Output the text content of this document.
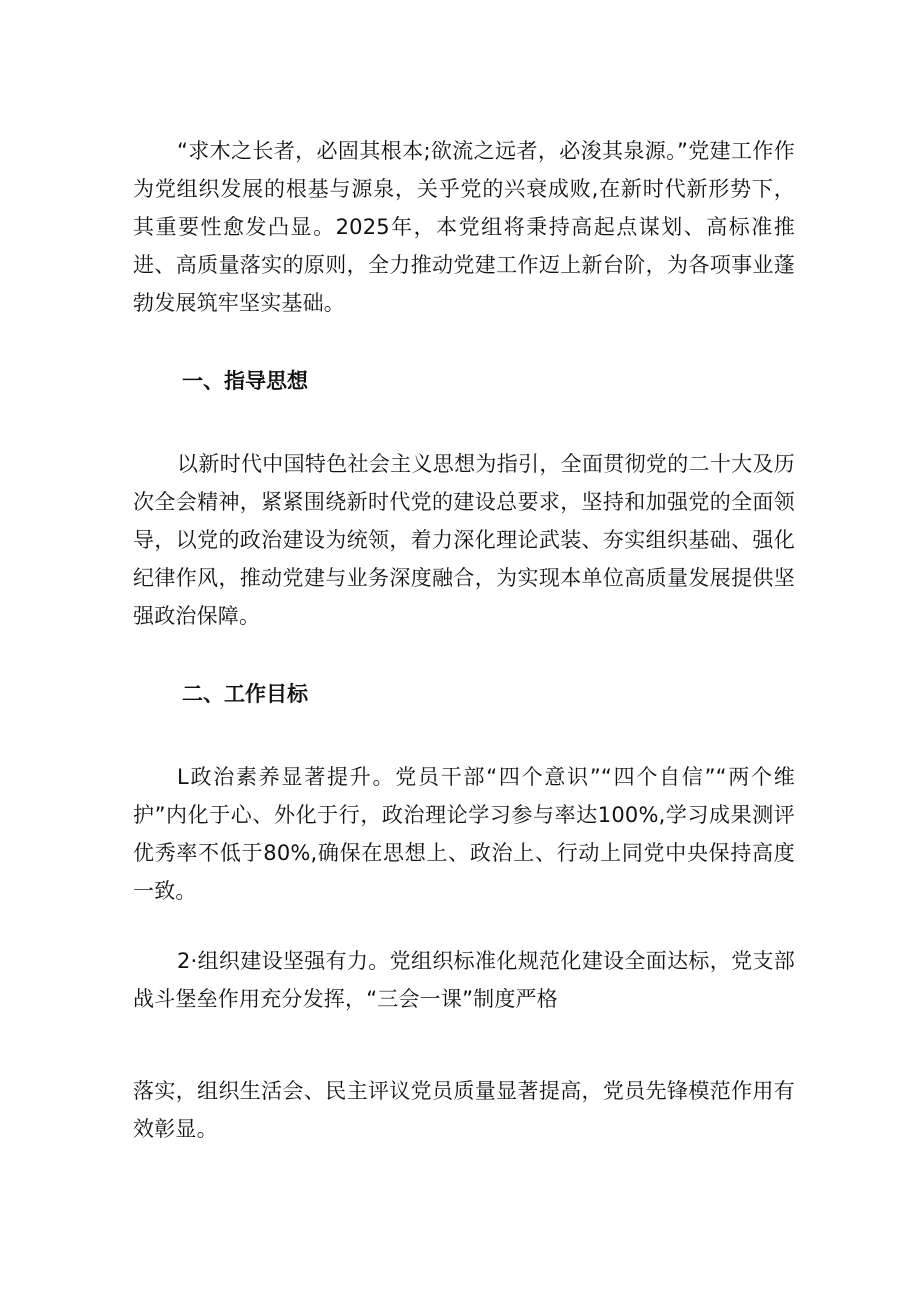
“求木之长者，必固其根本;欲流之远者，必浚其泉源。”党建工作作为党组织发展的根基与源泉，关乎党的兴衰成败,在新时代新形势下，其重要性愈发凸显。2025年，本党组将秉持高起点谋划、高标准推进、高质量落实的原则，全力推动党建工作迈上新台阶，为各项事业蓬勃发展筑牢坚实基础。

一、指导思想

以新时代中国特色社会主义思想为指引，全面贯彻党的二十大及历次全会精神，紧紧围绕新时代党的建设总要求，坚持和加强党的全面领导，以党的政治建设为统领，着力深化理论武装、夯实组织基础、强化纪律作风，推动党建与业务深度融合，为实现本单位高质量发展提供坚强政治保障。

二、工作目标

L政治素养显著提升。党员干部“四个意识”“四个自信”“两个维护”内化于心、外化于行，政治理论学习参与率达100%,学习成果测评优秀率不低于80%,确保在思想上、政治上、行动上同党中央保持高度一致。

2·组织建设坚强有力。党组织标准化规范化建设全面达标，党支部战斗堡垒作用充分发挥，“三会一课”制度严格

落实，组织生活会、民主评议党员质量显著提高，党员先锋模范作用有效彰显。
